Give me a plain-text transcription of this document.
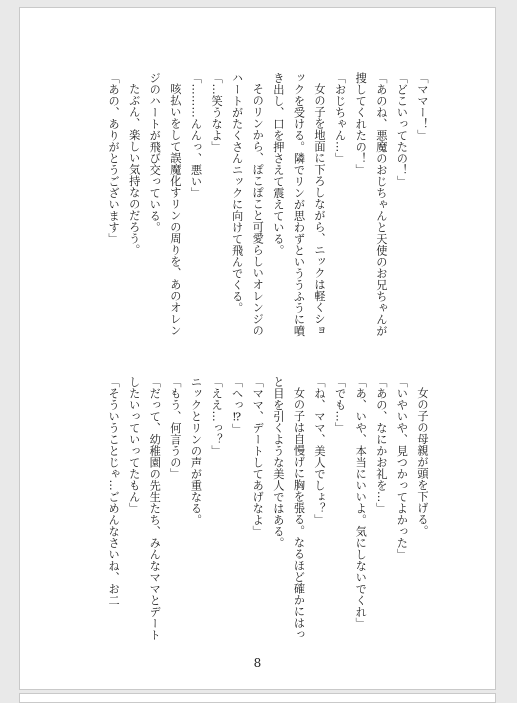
「ママー！」

「どこいってたの！」

「あのね、悪魔のおじちゃんと天使のお兄ちゃんが捜してくれたの！」

「おじちゃん…」

女の子を地面に下ろしながら、ニックは軽くショックを受ける。隣でリンが思わずといううふうに噴き出し、口を押さえて震えている。

そのリンから、ぽこぽこと可愛らしいオレンジのハートがたくさんニックに向けて飛んでくる。

「…笑うなよ」

「………んんっ、悪い」

咳払いをして誤魔化すリンの周りを、あのオレンジのハートが飛び交っている。

たぶん、楽しい気持なのだろう。

「あの、ありがとうございます」

女の子の母親が頭を下げる。

「いやいや、見つかってよかった」

「あの、なにかお礼を…」

「あ、いや、本当にいいよ。気にしないでくれ」

「でも…」

「ね、ママ、美人でしょ？」

女の子は自慢げに胸を張る。なるほど確かにはっと目を引くような美人ではある。

「ママ、デートしてあげなよ」

「へっ⁉」

「ええ…っ？」

ニックとリンの声が重なる。

「もう、何言うの」

「だって、幼稚園の先生たち、みんなママとデートしたいっていってたもん」

「そういうことじゃ…ごめんなさいね、お二

8
